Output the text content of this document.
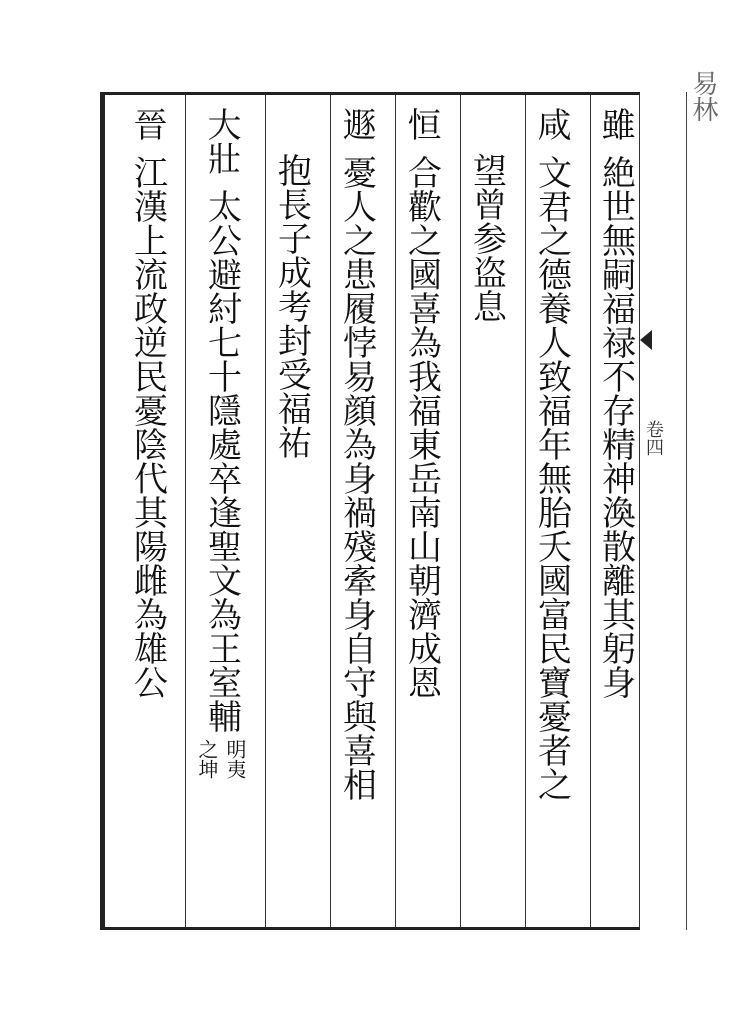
易林
卷四
雖
絶世無嗣福禄不存精神渙散離其躬身
咸
文君之德養人致福年無胎夭國富民寶憂者之
望曾参盗息
恒
合歡之國喜為我福東岳南山朝濟成恩
遯
憂人之患履悖易顔為身禍殘牽身自守與喜相
抱長子成考封受福祐
大壯
太公避紂七十隱處卒逢聖文為王室輔
明夷
之坤
晉
江漢上流政逆民憂陰代其陽雌為雄公
